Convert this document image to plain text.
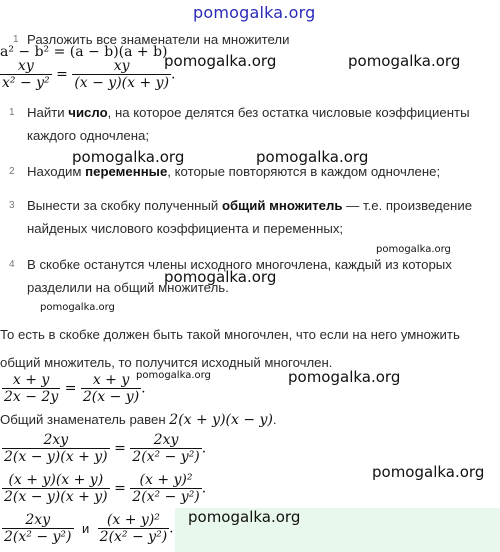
pomogalka.org
pomogalka.org	pomogalka.org
pomogalka.org	pomogalka.org
pomogalka.org
pomogalka.org
pomogalka.org
pomogalka.org	pomogalka.org
pomogalka.org
pomogalka.org
1 Разложить все знаменатели на множители
a² − b² = (a − b)(a + b)
$\frac{xy}{\text{x² − y²}} = \frac{xy}{(x - y)(x + y)}$ .
1 Найти число, на которое делятся без остатка числовые коэффициенты
каждого одночлена;
2 Находим переменные, которые повторяются в каждом одночлене;
3 Вынести за скобку полученный общий множитель — т.е. произведение
найденых числового коэффициента и переменных;
4 В скобке останутся члены исходного многочлена, каждый из которых
разделили на общий множитель.
То есть в скобке должен быть такой многочлен, что если на него умножить
общий множитель, то получится исходный многочлен.
$\frac{x + y}{2x - 2y} = \frac{x + y}{2(x - y)}$ .
Общий знаменатель равен 2(x + y)(x − y).
$\frac{2xy}{2(x - y)(x + y)} = \frac{2xy}{\text{2(x² − y²)}}$ .
$\frac{(x + y)(x + y)}{2(x - y)(x + y)} = \frac{\text{(x + y)²}}{\text{2(x² − y²)}}$ .
$\frac{2xy}{\text{2(x² − y²)}}$ и $\frac{\text{(x + y)²}}{\text{2(x² − y²)}}$ .
